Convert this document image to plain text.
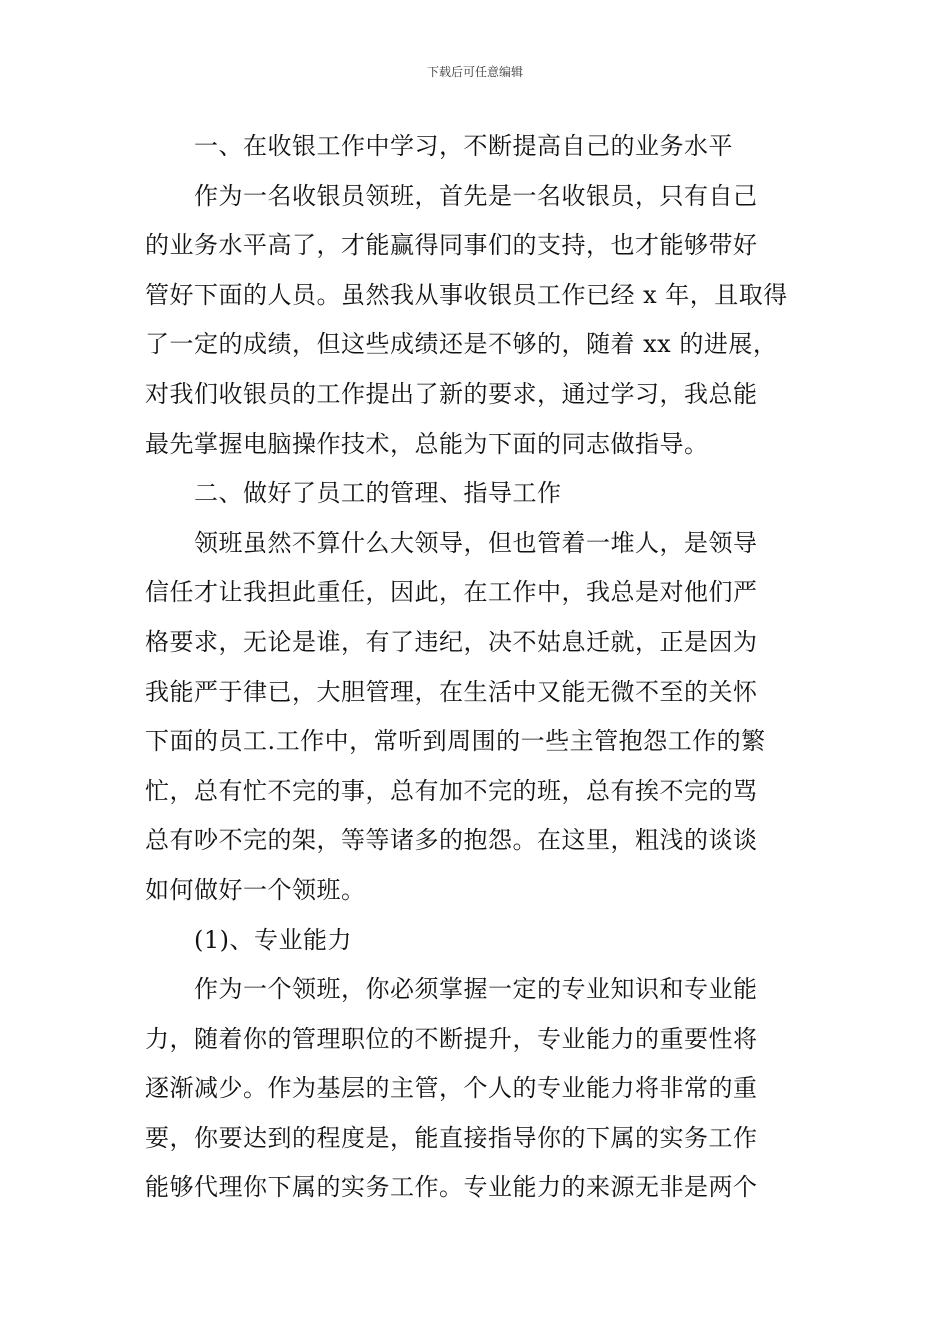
下载后可任意编辑
一、在收银工作中学习，不断提高自己的业务水平
作为一名收银员领班，首先是一名收银员，只有自己
的业务水平高了，才能赢得同事们的支持，也才能够带好
管好下面的人员。虽然我从事收银员工作已经 x 年，且取得
了一定的成绩，但这些成绩还是不够的，随着 xx 的进展，
对我们收银员的工作提出了新的要求，通过学习，我总能
最先掌握电脑操作技术，总能为下面的同志做指导。
二、做好了员工的管理、指导工作
领班虽然不算什么大领导，但也管着一堆人，是领导
信任才让我担此重任，因此，在工作中，我总是对他们严
格要求，无论是谁，有了违纪，决不姑息迁就，正是因为
我能严于律已，大胆管理，在生活中又能无微不至的关怀
下面的员工.工作中，常听到周围的一些主管抱怨工作的繁
忙，总有忙不完的事，总有加不完的班，总有挨不完的骂
总有吵不完的架，等等诸多的抱怨。在这里，粗浅的谈谈
如何做好一个领班。
(1)、专业能力
作为一个领班，你必须掌握一定的专业知识和专业能
力，随着你的管理职位的不断提升，专业能力的重要性将
逐渐减少。作为基层的主管，个人的专业能力将非常的重
要，你要达到的程度是，能直接指导你的下属的实务工作
能够代理你下属的实务工作。专业能力的来源无非是两个
